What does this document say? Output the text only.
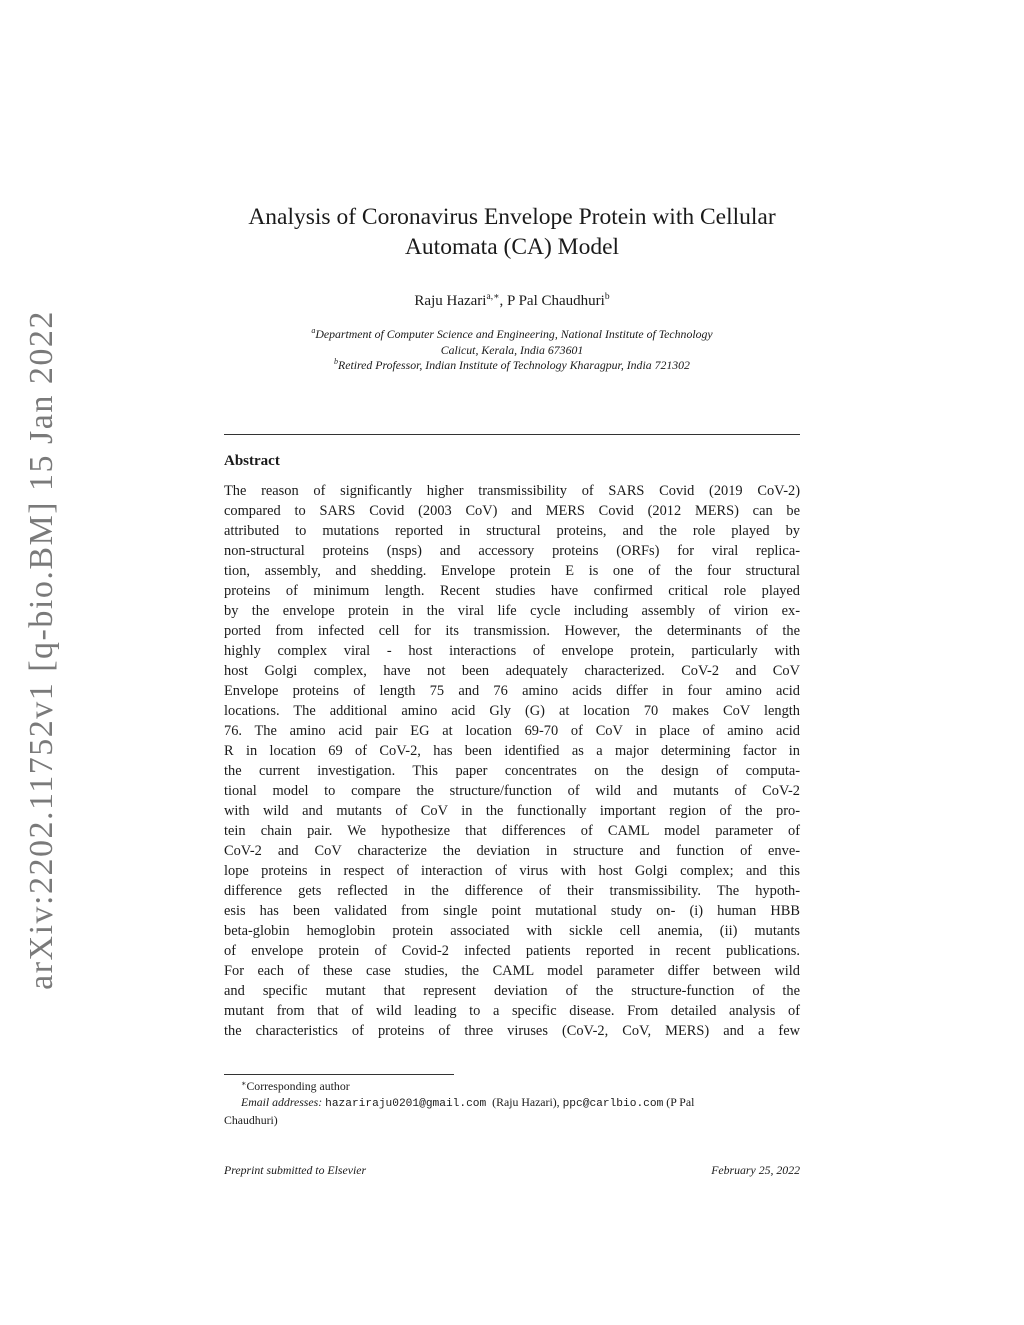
arXiv:2202.11752v1 [q-bio.BM] 15 Jan 2022
Analysis of Coronavirus Envelope Protein with Cellular
Automata (CA) Model
Raju Hazari$^{a,∗}$, P Pal Chaudhuri$^b$
$^a$Department of Computer Science and Engineering, National Institute of Technology
Calicut, Kerala, India 673601
$^b$Retired Professor, Indian Institute of Technology Kharagpur, India 721302
Abstract
The reason of significantly higher transmissibility of SARS Covid (2019 CoV-2)
compared to SARS Covid (2003 CoV) and MERS Covid (2012 MERS) can be
attributed to mutations reported in structural proteins, and the role played by
non-structural proteins (nsps) and accessory proteins (ORFs) for viral replica-
tion, assembly, and shedding. Envelope protein E is one of the four structural
proteins of minimum length. Recent studies have confirmed critical role played
by the envelope protein in the viral life cycle including assembly of virion ex-
ported from infected cell for its transmission. However, the determinants of the
highly complex viral - host interactions of envelope protein, particularly with
host Golgi complex, have not been adequately characterized. CoV-2 and CoV
Envelope proteins of length 75 and 76 amino acids differ in four amino acid
locations. The additional amino acid Gly (G) at location 70 makes CoV length
76. The amino acid pair EG at location 69-70 of CoV in place of amino acid
R in location 69 of CoV-2, has been identified as a major determining factor in
the current investigation. This paper concentrates on the design of computa-
tional model to compare the structure/function of wild and mutants of CoV-2
with wild and mutants of CoV in the functionally important region of the pro-
tein chain pair. We hypothesize that differences of CAML model parameter of
CoV-2 and CoV characterize the deviation in structure and function of enve-
lope proteins in respect of interaction of virus with host Golgi complex; and this
difference gets reflected in the difference of their transmissibility. The hypoth-
esis has been validated from single point mutational study on- (i) human HBB
beta-globin hemoglobin protein associated with sickle cell anemia, (ii) mutants
of envelope protein of Covid-2 infected patients reported in recent publications.
For each of these case studies, the CAML model parameter differ between wild
and specific mutant that represent deviation of the structure-function of the
mutant from that of wild leading to a specific disease. From detailed analysis of
the characteristics of proteins of three viruses (CoV-2, CoV, MERS) and a few
∗Corresponding author
Email addresses: hazariraju0201@gmail.com (Raju Hazari), ppc@carlbio.com (P Pal
Chaudhuri)
Preprint submitted to Elsevier	February 25, 2022
